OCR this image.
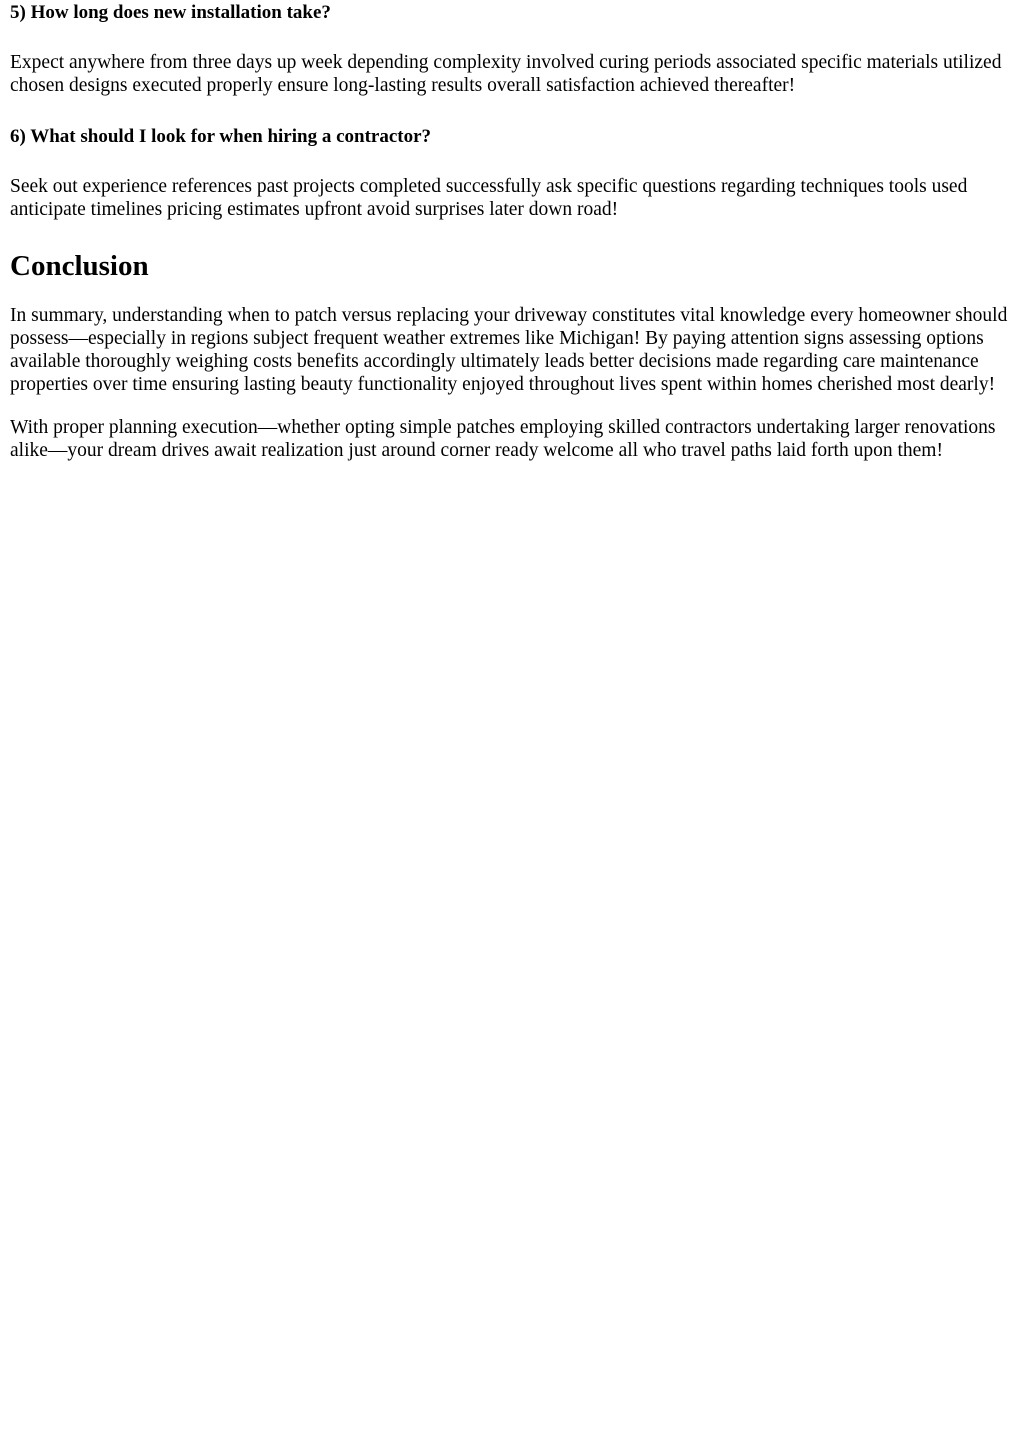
5) How long does new installation take?

Expect anywhere from three days up week depending complexity involved curing periods associated specific materials utilized chosen designs executed properly ensure long-lasting results overall satisfaction achieved thereafter!

6) What should I look for when hiring a contractor?

Seek out experience references past projects completed successfully ask specific questions regarding techniques tools used anticipate timelines pricing estimates upfront avoid surprises later down road!

Conclusion

In summary, understanding when to patch versus replacing your driveway constitutes vital knowledge every homeowner should possess—especially in regions subject frequent weather extremes like Michigan! By paying attention signs assessing options available thoroughly weighing costs benefits accordingly ultimately leads better decisions made regarding care maintenance properties over time ensuring lasting beauty functionality enjoyed throughout lives spent within homes cherished most dearly!

With proper planning execution—whether opting simple patches employing skilled contractors undertaking larger renovations alike—your dream drives await realization just around corner ready welcome all who travel paths laid forth upon them!
